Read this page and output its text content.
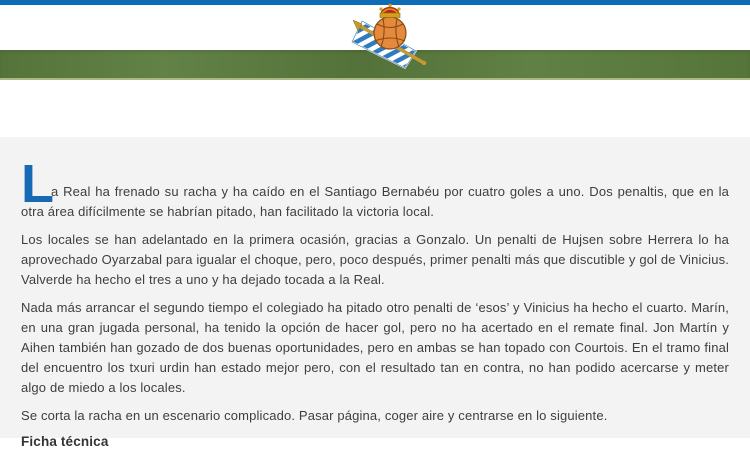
L
a Real ha frenado su racha y ha caído en el Santiago Bernabéu por cuatro goles a uno. Dos penaltis, que en la otra área difícilmente se habrían pitado, han facilitado la victoria local.

Los locales se han adelantado en la primera ocasión, gracias a Gonzalo. Un penalti de Hujsen sobre Herrera lo ha aprovechado Oyarzabal para igualar el choque, pero, poco después, primer penalti más que discutible y gol de Vinicius. Valverde ha hecho el tres a uno y ha dejado tocada a la Real.

Nada más arrancar el segundo tiempo el colegiado ha pitado otro penalti de ‘esos’ y Vinicius ha hecho el cuarto. Marín, en una gran jugada personal, ha tenido la opción de hacer gol, pero no ha acertado en el remate final. Jon Martín y Aihen también han gozado de dos buenas oportunidades, pero en ambas se han topado con Courtois. En el tramo final del encuentro los txuri urdin han estado mejor pero, con el resultado tan en contra, no han podido acercarse y meter algo de miedo a los locales.

Se corta la racha en un escenario complicado. Pasar página, coger aire y centrarse en lo siguiente.

Ficha técnica
